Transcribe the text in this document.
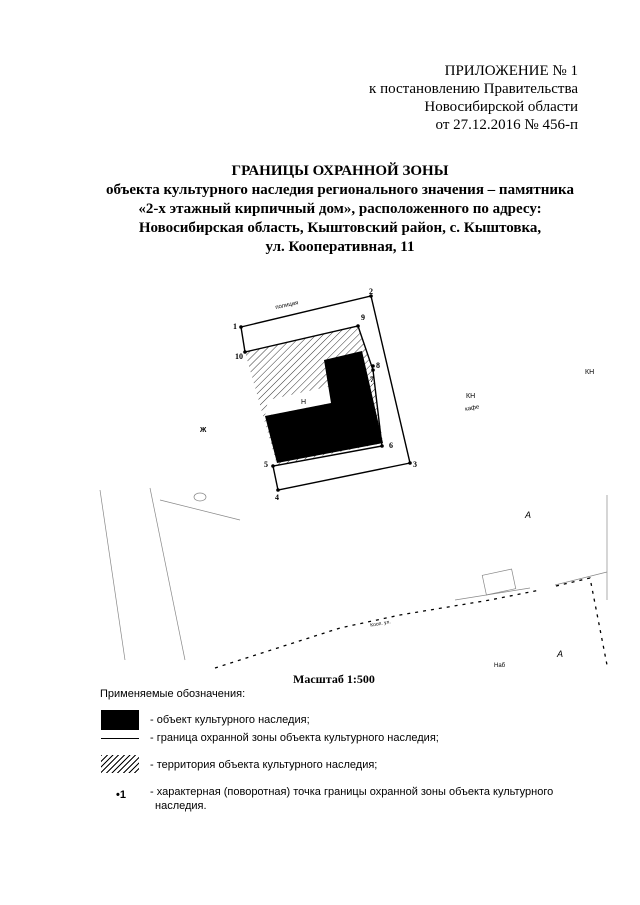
ПРИЛОЖЕНИЕ № 1
к постановлению Правительства
Новосибирской области
от 27.12.2016 № 456-п
ГРАНИЦЫ ОХРАННОЙ ЗОНЫ
объекта культурного наследия регионального значения – памятника
«2-х этажный кирпичный дом», расположенного по адресу:
Новосибирская область, Кыштовский район, с. Кыштовка,
ул. Кооперативная, 11
1
2
3
4
5
6
7
8
9
10
полиция
Н
Ж
КН
кафе
КН
А
А
Кооп. ул.
Наб
Масштаб 1:500
Применяемые обозначения:
- объект культурного наследия;
- граница охранной зоны объекта культурного наследия;
- территория объекта культурного наследия;
•1 - характерная (поворотная) точка границы охранной зоны объекта культурного
наследия.
